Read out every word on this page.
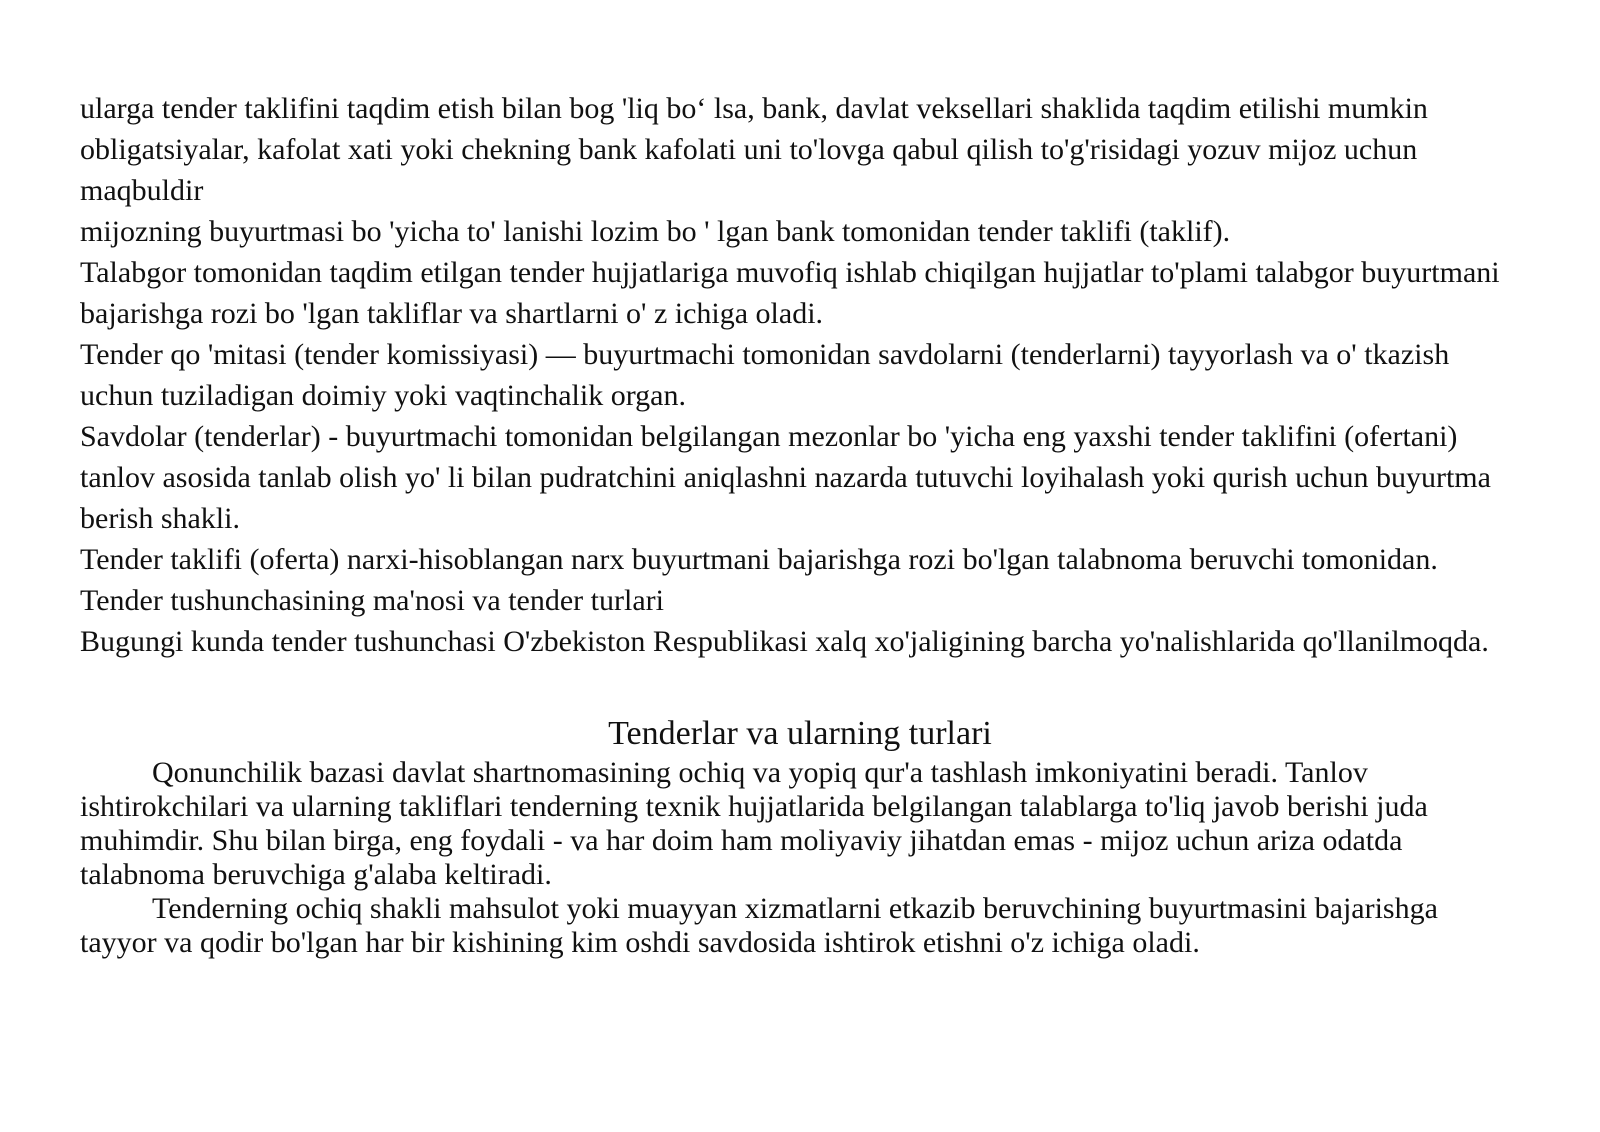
ularga tender taklifini taqdim etish bilan bog 'liq bo‘ lsa, bank, davlat veksellari shaklida taqdim etilishi mumkin obligatsiyalar, kafolat xati yoki chekning bank kafolati uni to'lovga qabul qilish to'g'risidagi yozuv mijoz uchun maqbuldir

mijozning buyurtmasi bo 'yicha to' lanishi lozim bo ' lgan bank tomonidan tender taklifi (taklif).

Talabgor tomonidan taqdim etilgan tender hujjatlariga muvofiq ishlab chiqilgan hujjatlar to'plami talabgor buyurtmani bajarishga rozi bo 'lgan takliflar va shartlarni o' z ichiga oladi.

Tender qo 'mitasi (tender komissiyasi) — buyurtmachi tomonidan savdolarni (tenderlarni) tayyorlash va o' tkazish uchun tuziladigan doimiy yoki vaqtinchalik organ.

Savdolar (tenderlar) - buyurtmachi tomonidan belgilangan mezonlar bo 'yicha eng yaxshi tender taklifini (ofertani) tanlov asosida tanlab olish yo' li bilan pudratchini aniqlashni nazarda tutuvchi loyihalash yoki qurish uchun buyurtma berish shakli.

Tender taklifi (oferta) narxi-hisoblangan narx buyurtmani bajarishga rozi bo'lgan talabnoma beruvchi tomonidan.

Tender tushunchasining ma'nosi va tender turlari

Bugungi kunda tender tushunchasi O'zbekiston Respublikasi xalq xo'jaligining barcha yo'nalishlarida qo'llanilmoqda.

Tenderlar va ularning turlari

Qonunchilik bazasi davlat shartnomasining ochiq va yopiq qur'a tashlash imkoniyatini beradi. Tanlov ishtirokchilari va ularning takliflari tenderning texnik hujjatlarida belgilangan talablarga to'liq javob berishi juda muhimdir. Shu bilan birga, eng foydali - va har doim ham moliyaviy jihatdan emas - mijoz uchun ariza odatda talabnoma beruvchiga g'alaba keltiradi.

Tenderning ochiq shakli mahsulot yoki muayyan xizmatlarni etkazib beruvchining buyurtmasini bajarishga tayyor va qodir bo'lgan har bir kishining kim oshdi savdosida ishtirok etishni o'z ichiga oladi.
